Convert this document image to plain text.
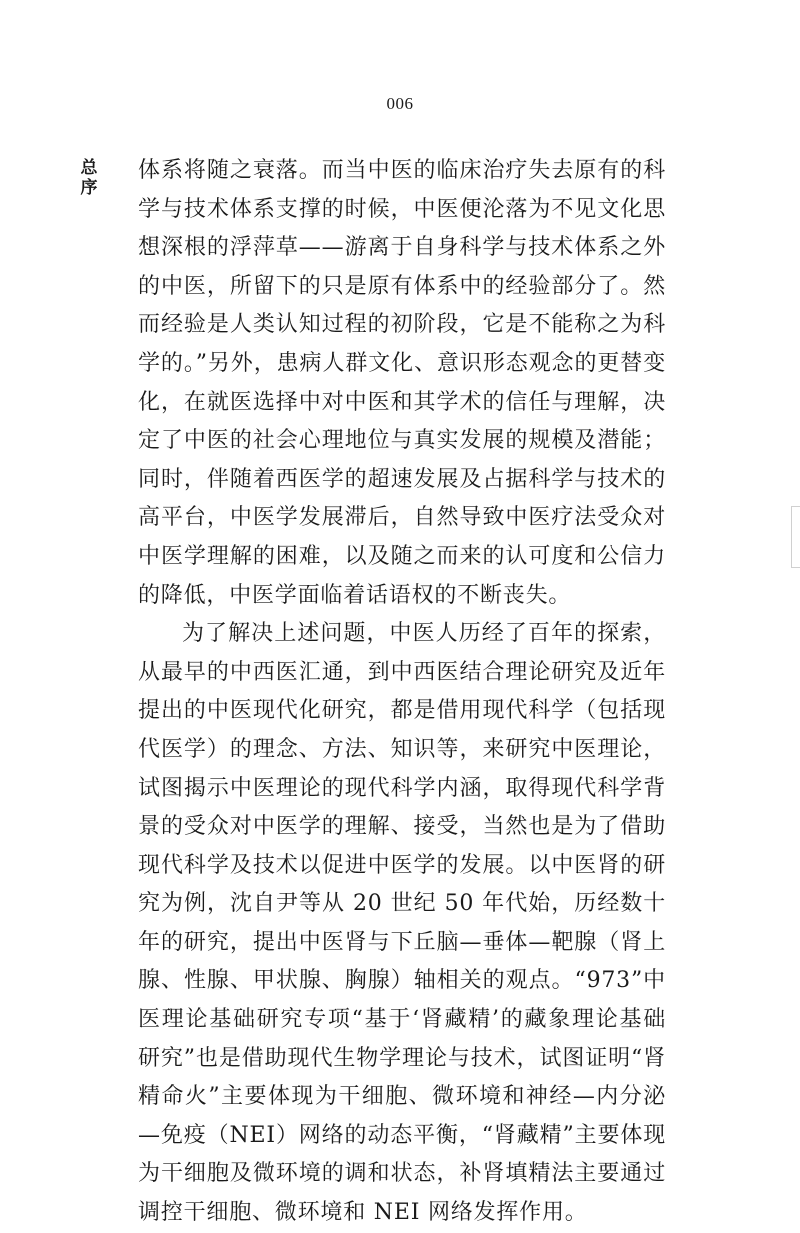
006
总
序

体系将随之衰落。而当中医的临床治疗失去原有的科学与技术体系支撑的时候，中医便沦落为不见文化思想深根的浮萍草——游离于自身科学与技术体系之外的中医，所留下的只是原有体系中的经验部分了。然而经验是人类认知过程的初阶段，它是不能称之为科学的。”另外，患病人群文化、意识形态观念的更替变化，在就医选择中对中医和其学术的信任与理解，决定了中医的社会心理地位与真实发展的规模及潜能；同时，伴随着西医学的超速发展及占据科学与技术的高平台，中医学发展滞后，自然导致中医疗法受众对中医学理解的困难，以及随之而来的认可度和公信力的降低，中医学面临着话语权的不断丧失。

为了解决上述问题，中医人历经了百年的探索，从最早的中西医汇通，到中西医结合理论研究及近年提出的中医现代化研究，都是借用现代科学（包括现代医学）的理念、方法、知识等，来研究中医理论，试图揭示中医理论的现代科学内涵，取得现代科学背景的受众对中医学的理解、接受，当然也是为了借助现代科学及技术以促进中医学的发展。以中医肾的研究为例，沈自尹等从 20 世纪 50 年代始，历经数十年的研究，提出中医肾与下丘脑—垂体—靶腺（肾上腺、性腺、甲状腺、胸腺）轴相关的观点。“973”中医理论基础研究专项“基于‘肾藏精’的藏象理论基础研究”也是借助现代生物学理论与技术，试图证明“肾精命火”主要体现为干细胞、微环境和神经—内分泌—免疫（NEI）网络的动态平衡，“肾藏精”主要体现为干细胞及微环境的调和状态，补肾填精法主要通过调控干细胞、微环境和 NEI 网络发挥作用。
